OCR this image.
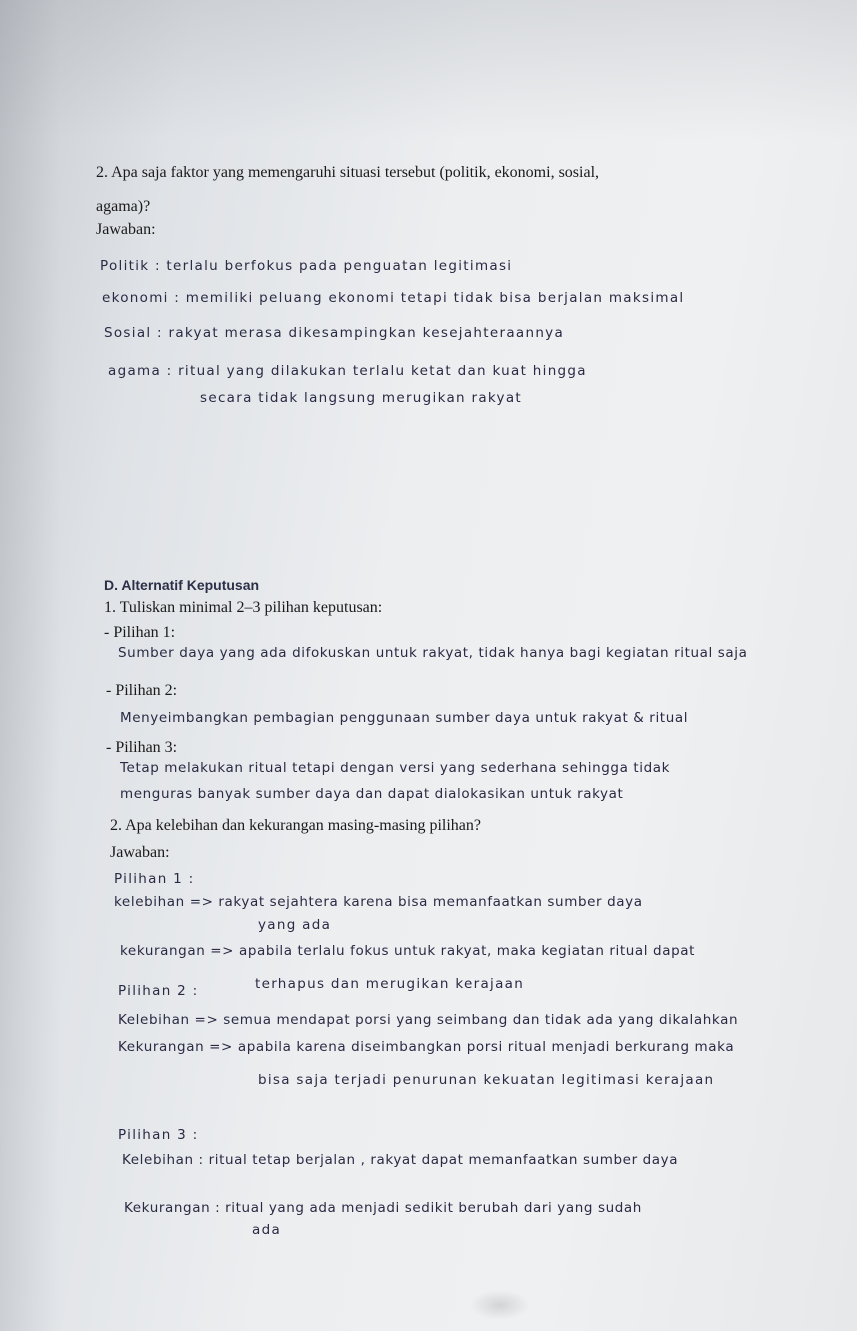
2. Apa saja faktor yang memengaruhi situasi tersebut (politik, ekonomi, sosial,
agama)?
Jawaban:
Politik : terlalu berfokus pada penguatan legitimasi
ekonomi : memiliki peluang ekonomi tetapi tidak bisa berjalan maksimal
Sosial : rakyat merasa dikesampingkan kesejahteraannya
agama : ritual yang dilakukan terlalu ketat dan kuat hingga
secara tidak langsung merugikan rakyat
D. Alternatif Keputusan
1. Tuliskan minimal 2–3 pilihan keputusan:
- Pilihan 1:
Sumber daya yang ada difokuskan untuk rakyat, tidak hanya bagi kegiatan ritual saja
- Pilihan 2:
Menyeimbangkan pembagian penggunaan sumber daya untuk rakyat & ritual
- Pilihan 3:
Tetap melakukan ritual tetapi dengan versi yang sederhana sehingga tidak
menguras banyak sumber daya dan dapat dialokasikan untuk rakyat
2. Apa kelebihan dan kekurangan masing-masing pilihan?
Jawaban:
Pilihan 1 :
kelebihan => rakyat sejahtera karena bisa memanfaatkan sumber daya
yang ada
kekurangan => apabila terlalu fokus untuk rakyat, maka kegiatan ritual dapat
terhapus dan merugikan kerajaan
Pilihan 2 :
Kelebihan => semua mendapat porsi yang seimbang dan tidak ada yang dikalahkan
Kekurangan => apabila karena diseimbangkan porsi ritual menjadi berkurang maka
bisa saja terjadi penurunan kekuatan legitimasi kerajaan
Pilihan 3 :
Kelebihan : ritual tetap berjalan , rakyat dapat memanfaatkan sumber daya
Kekurangan : ritual yang ada menjadi sedikit berubah dari yang sudah
ada
